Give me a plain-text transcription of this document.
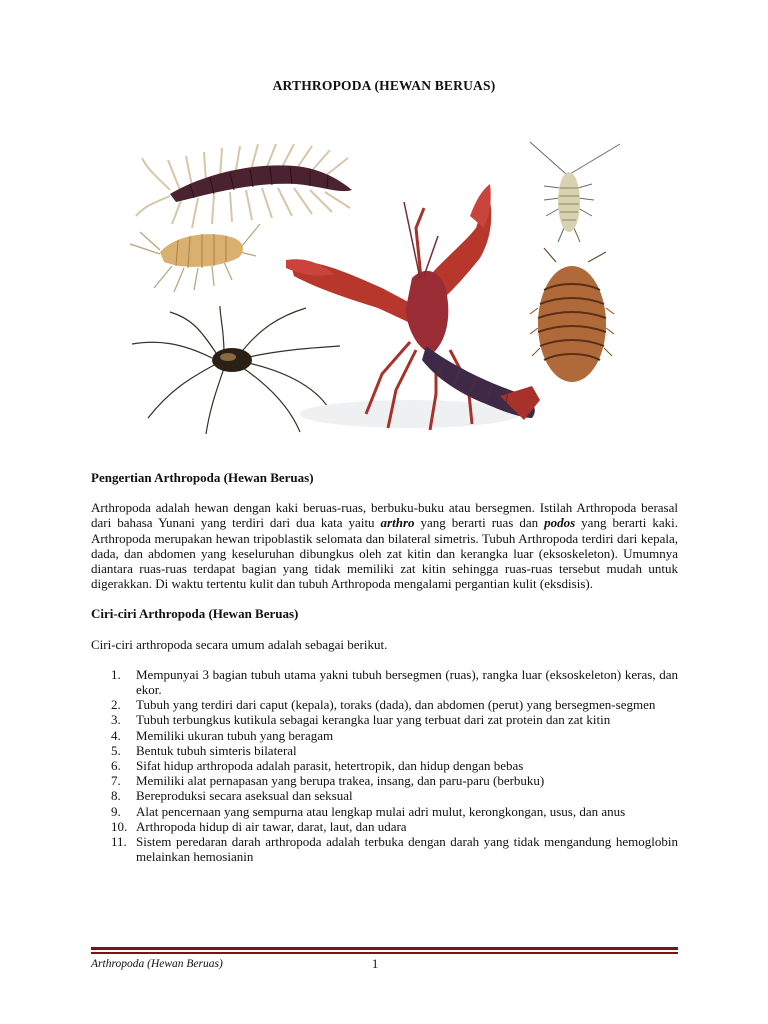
ARTHROPODA (HEWAN BERUAS)

Pengertian Arthropoda (Hewan Beruas)

Arthropoda adalah hewan dengan kaki beruas-ruas, berbuku-buku atau bersegmen. Istilah Arthropoda berasal dari bahasa Yunani yang terdiri dari dua kata yaitu arthro yang berarti ruas dan podos yang berarti kaki. Arthropoda merupakan hewan tripoblastik selomata dan bilateral simetris. Tubuh Arthropoda terdiri dari kepala, dada, dan abdomen yang keseluruhan dibungkus oleh zat kitin dan kerangka luar (eksoskeleton). Umumnya diantara ruas-ruas terdapat bagian yang tidak memiliki zat kitin sehingga ruas-ruas tersebut mudah untuk digerakkan. Di waktu tertentu kulit dan tubuh Arthropoda mengalami pergantian kulit (eksdisis).

Ciri-ciri Arthropoda (Hewan Beruas)

Ciri-ciri arthropoda secara umum adalah sebagai berikut.

1.	Mempunyai 3 bagian tubuh utama yakni tubuh bersegmen (ruas), rangka luar (eksoskeleton) keras, dan ekor.
2.	Tubuh yang terdiri dari caput (kepala), toraks (dada), dan abdomen (perut) yang bersegmen-segmen
3.	Tubuh terbungkus kutikula sebagai kerangka luar yang terbuat dari zat protein dan zat kitin
4.	Memiliki ukuran tubuh yang beragam
5.	Bentuk tubuh simteris bilateral
6.	Sifat hidup arthropoda adalah parasit, hetertropik, dan hidup dengan bebas
7.	Memiliki alat pernapasan yang berupa trakea, insang, dan paru-paru (berbuku)
8.	Bereproduksi secara aseksual dan seksual
9.	Alat pencernaan yang sempurna atau lengkap mulai adri mulut, kerongkongan, usus, dan anus
10. Arthropoda hidup di air tawar, darat, laut, dan udara
11. Sistem peredaran darah arthropoda adalah terbuka dengan darah yang tidak mengandung hemoglobin melainkan hemosianin
Arthropoda (Hewan Beruas)	1
